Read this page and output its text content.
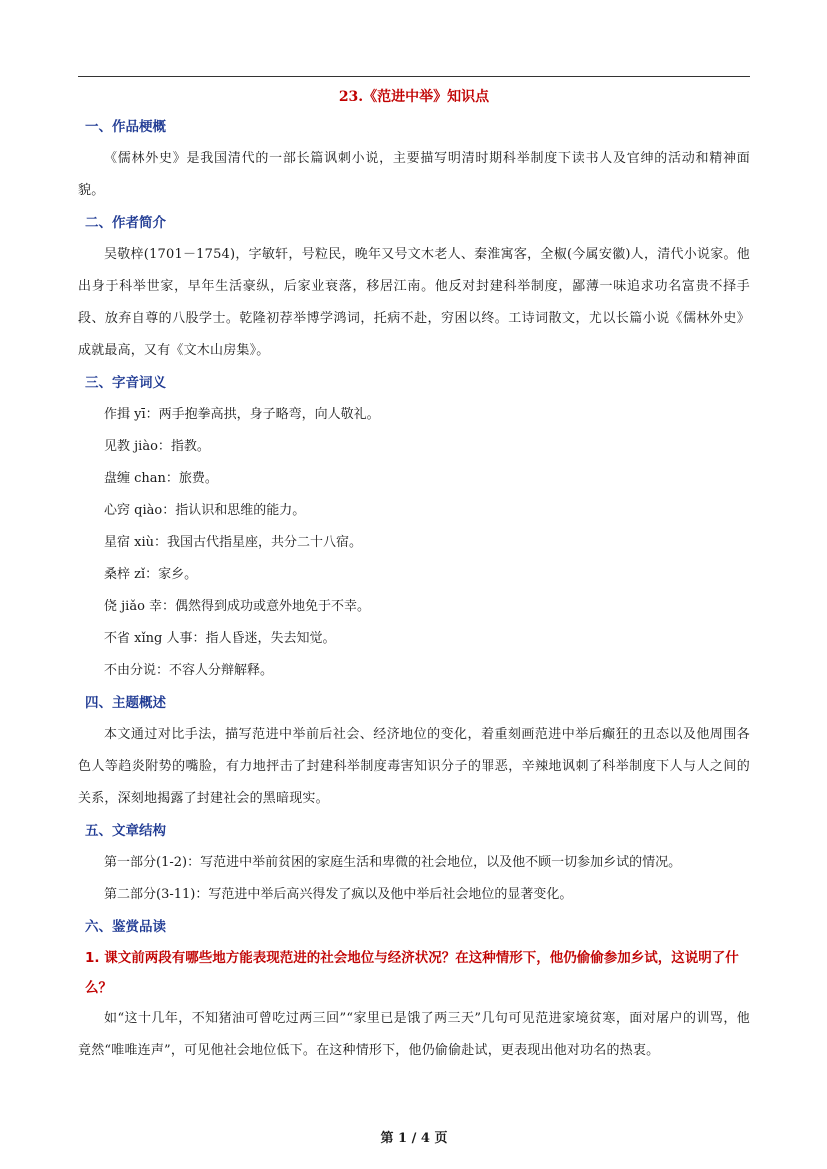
23.《范进中举》知识点
一、作品梗概

《儒林外史》是我国清代的一部长篇讽刺小说，主要描写明清时期科举制度下读书人及官绅的活动和精神面貌。

二、作者简介

吴敬梓(1701－1754)，字敏轩，号粒民，晚年又号文木老人、秦淮寓客，全椒(今属安徽)人，清代小说家。他出身于科举世家，早年生活豪纵，后家业衰落，移居江南。他反对封建科举制度，鄙薄一味追求功名富贵不择手段、放弃自尊的八股学士。乾隆初荐举博学鸿词，托病不赴，穷困以终。工诗词散文，尤以长篇小说《儒林外史》成就最高，又有《文木山房集》。

三、字音词义

作揖 yī：两手抱拳高拱，身子略弯，向人敬礼。

见教 jiào：指教。

盘缠 chan：旅费。

心窍 qiào：指认识和思维的能力。

星宿 xiù：我国古代指星座，共分二十八宿。

桑梓 zǐ：家乡。

侥 jiǎo 幸：偶然得到成功或意外地免于不幸。

不省 xǐng 人事：指人昏迷，失去知觉。

不由分说：不容人分辩解释。

四、主题概述

本文通过对比手法，描写范进中举前后社会、经济地位的变化，着重刻画范进中举后癫狂的丑态以及他周围各色人等趋炎附势的嘴脸，有力地抨击了封建科举制度毒害知识分子的罪恶，辛辣地讽刺了科举制度下人与人之间的关系，深刻地揭露了封建社会的黑暗现实。

五、文章结构

第一部分(1-2)：写范进中举前贫困的家庭生活和卑微的社会地位，以及他不顾一切参加乡试的情况。

第二部分(3-11)：写范进中举后高兴得发了疯以及他中举后社会地位的显著变化。

六、鉴赏品读

1. 课文前两段有哪些地方能表现范进的社会地位与经济状况？在这种情形下，他仍偷偷参加乡试，这说明了什么？

如“这十几年，不知猪油可曾吃过两三回”“家里已是饿了两三天”几句可见范进家境贫寒，面对屠户的训骂，他竟然“唯唯连声”，可见他社会地位低下。在这种情形下，他仍偷偷赴试，更表现出他对功名的热衷。

第 1 / 4 页
